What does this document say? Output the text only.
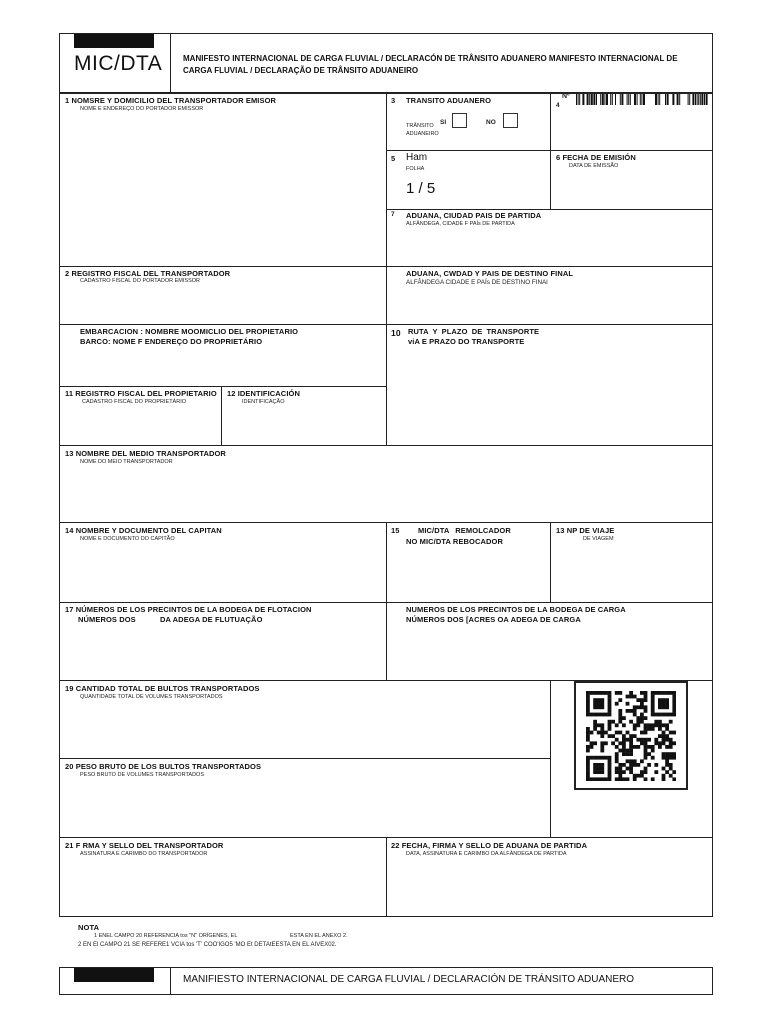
MIC/DTA	MANIFESTO INTERNACIONAL DE CARGA FLUVIAL / DECLARACÓN DE TRÂNSITO ADUANERO MANIFESTO INTERNACIONAL DE CARGA FLUVIAL / DECLARAÇÃO DE TRÂNSITO ADUANEIRO
1 NOMSRE Y DOMICILIO DEL TRANSPORTADOR EMISOR
NOME E ENDEREÇO DO PORTADOR EMISSOR
3 TRANSITO ADUANERO
TRÂNSITO
ADUANEIRO
SI	NO
Nº
4
5 Ham
FOLHA
1 / 5
6 FECHA DE EMISIÓN
DATA DE EMISSÃO
7 ADUANA, CIUDAD PAIS DE PARTIDA
ALFÂNDEGA, CIDADE F PAÍs DE PARTIDA
2 REGISTRO FISCAL DEL TRANSPORTADOR
CADASTRO FISCAL DO PORTADOR EMISSOR
ADUANA, CWDAD Y PAIS DE DESTINO FINAL
ALFÂNDEGA CIDADE E PAÍs DE DESTINO FINAl
EMBARCACION : NOMBRE MOOMICLIO DEL PROPIETARIO
BARCO: NOME F ENDEREÇO DO PROPRIETÁRIO
10 RUTA Y PLAZO DE TRANSPORTE
viA E PRAZO DO TRANSPORTE
11 REGISTRO FISCAL DEL PROPIETARIO
CADASTRO FISCAL DO PROPRIETÁRIO
12 IDENTIFICACIÓN
IDENTIFICAÇÃO
13 NOMBRE DEL MEDIO TRANSPORTADOR
NOME DO MEIO TRANSPORTADOR
14 NOMBRE Y DOCUMENTO DEL CAPITAN
NOME E DOCUMENTO DO CAPITÃO
15 MIC/DTA REMOLCADOR
NO MIC/DTA REBOCADOR
13 NP DE VIAJE
DE VIAGEM
17 NÚMEROS DE LOS PRECINTOS DE LA BODEGA DE FLOTACION
NÚMEROS DOS	DA ADEGA DE FLUTUAÇÃO
NUMEROS DE LOS PRECINTOS DE LA BODEGA DE CARGA
NÚMEROS DOS [ACRES OA ADEGA DE CARGA
19 CANTIDAD TOTAL DE BULTOS TRANSPORTADOS
QUANTIDADE TOTAL DE VOLUMES TRANSPORTADOS
20 PESO BRUTO DE LOS BULTOS TRANSPORTADOS
PESO BRUTO DE VOLUMES TRANSPORTADOS
21 F RMA Y SELLO DEL TRANSPORTADOR
ASSINATURA E CARIMBO DO TRANSPORTADOR
22 FECHA, FIRMA Y SELLO DE ADUANA DE PARTIDA
DATA, ASSINATURA E CARIMBO DA ALFÂNDEGA DE PARTIDA
NOTA
1 ENEL CAMPO 20 REFERENCIA tos "N" ORÍGENES, EL	ESTA EN EL ANEXO 2.
2 EN El CAMPO 21 SE REFERE1 VCIA tos 'T' COO'IGO5 'MO Et DETAtEESTA EN EL AIVEX02.
MANIFIESTO INTERNACIONAL DE CARGA FLUVIAL / DECLARACIÓN DE TRÁNSITO ADUANERO
